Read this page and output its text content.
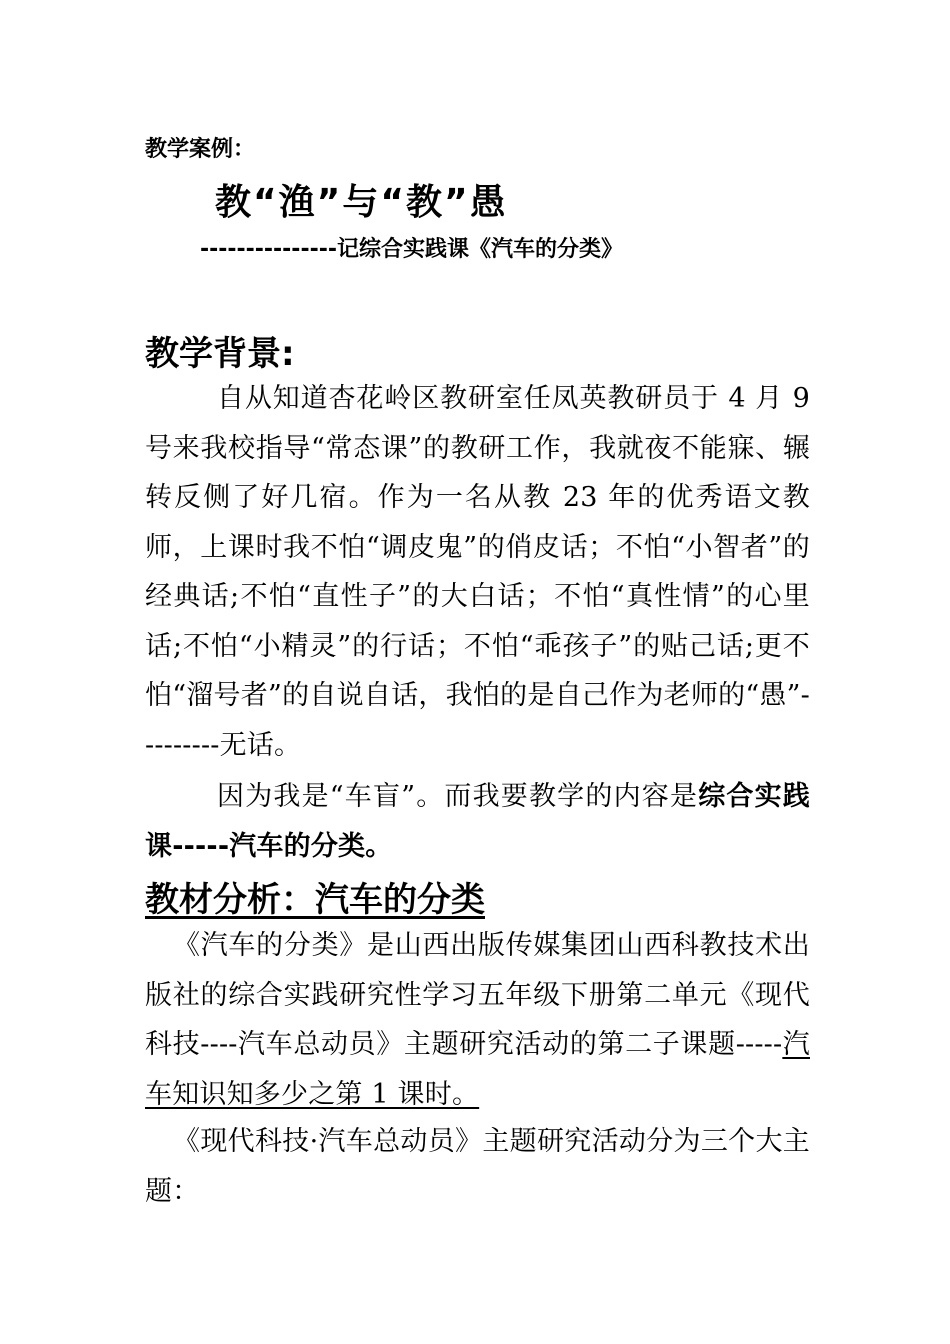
教学案例：
教“渔”与“教”愚
---------------记综合实践课《汽车的分类》
教学背景:
自从知道杏花岭区教研室任凤英教研员于 4 月 9 号来我校指导“常态课”的教研工作，我就夜不能寐、辗转反侧了好几宿。作为一名从教 23 年的优秀语文教师，上课时我不怕“调皮鬼”的俏皮话；不怕“小智者”的经典话;不怕“直性子”的大白话；不怕“真性情”的心里话;不怕“小精灵”的行话；不怕“乖孩子”的贴己话;更不怕“溜号者”的自说自话，我怕的是自己作为老师的“愚”---------无话。
因为我是“车盲”。而我要教学的内容是综合实践课-----汽车的分类。
教材分析：汽车的分类
《汽车的分类》是山西出版传媒集团山西科教技术出版社的综合实践研究性学习五年级下册第二单元《现代科技----汽车总动员》主题研究活动的第二子课题-----汽车知识知多少之第 1 课时。
《现代科技·汽车总动员》主题研究活动分为三个大主题：
